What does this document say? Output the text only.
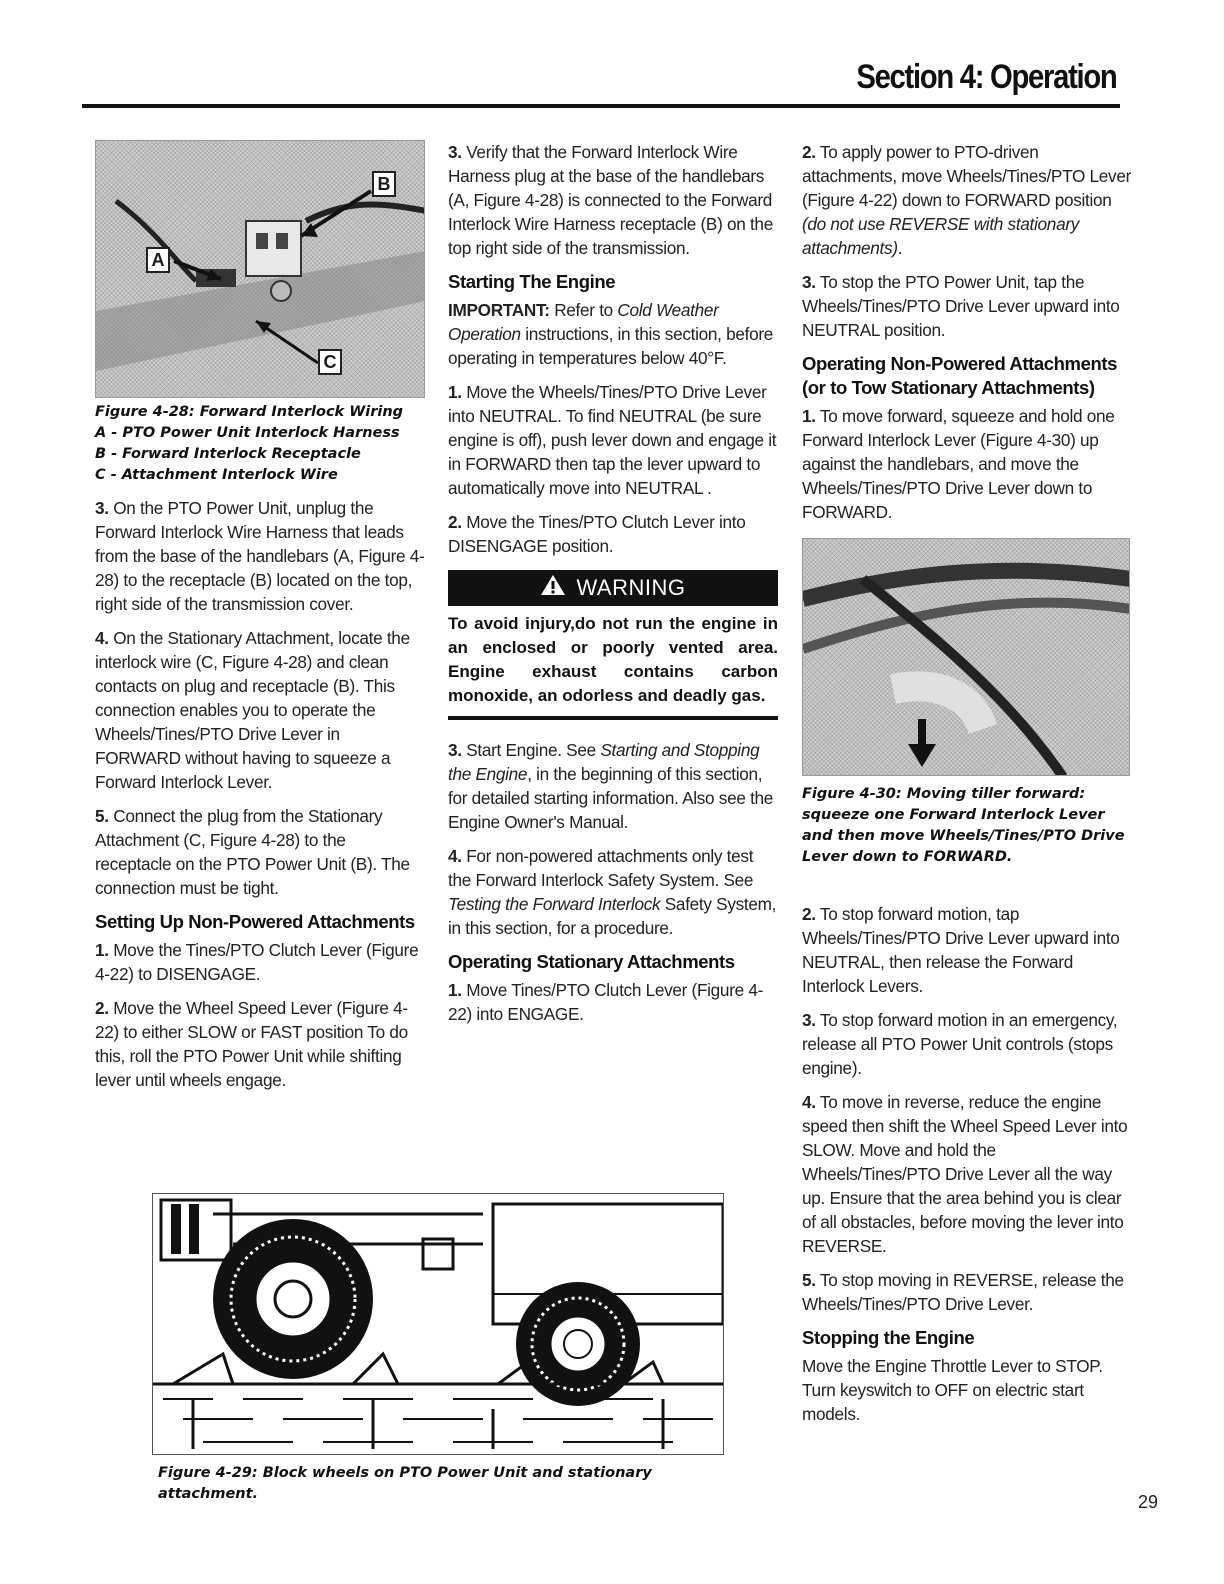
Section 4: Operation
A
B
C
Figure 4-28: Forward Interlock Wiring
A - PTO Power Unit Interlock Harness
B - Forward Interlock Receptacle
C - Attachment Interlock Wire

3. On the PTO Power Unit, unplug the Forward Interlock Wire Harness that leads from the base of the handlebars (A, Figure 4-28) to the receptacle (B) located on the top, right side of the transmission cover.

4. On the Stationary Attachment, locate the interlock wire (C, Figure 4-28) and clean contacts on plug and receptacle (B). This connection enables you to operate the Wheels/Tines/PTO Drive Lever in FORWARD without having to squeeze a Forward Interlock Lever.

5. Connect the plug from the Stationary Attachment (C, Figure 4-28) to the receptacle on the PTO Power Unit (B). The connection must be tight.

Setting Up Non-Powered Attachments

1. Move the Tines/PTO Clutch Lever (Figure 4-22) to DISENGAGE.

2. Move the Wheel Speed Lever (Figure 4-22) to either SLOW or FAST position To do this, roll the PTO Power Unit while shifting lever until wheels engage.

3. Verify that the Forward Interlock Wire Harness plug at the base of the handlebars (A, Figure 4-28) is connected to the Forward Interlock Wire Harness receptacle (B) on the top right side of the transmission.

Starting The Engine

IMPORTANT: Refer to Cold Weather Operation instructions, in this section, before operating in temperatures below 40°F.

1. Move the Wheels/Tines/PTO Drive Lever into NEUTRAL. To find NEUTRAL (be sure engine is off), push lever down and engage it in FORWARD then tap the lever upward to automatically move into NEUTRAL .

2. Move the Tines/PTO Clutch Lever into DISENGAGE position.

WARNING
To avoid injury,do not run the engine in an enclosed or poorly vented area. Engine exhaust contains carbon monoxide, an odorless and deadly gas.

3. Start Engine. See Starting and Stopping the Engine, in the beginning of this section, for detailed starting information. Also see the Engine Owner's Manual.

4. For non-powered attachments only test the Forward Interlock Safety System. See Testing the Forward Interlock Safety System, in this section, for a procedure.

Operating Stationary Attachments

1. Move Tines/PTO Clutch Lever (Figure 4-22) into ENGAGE.

2. To apply power to PTO-driven attachments, move Wheels/Tines/PTO Lever (Figure 4-22) down to FORWARD position (do not use REVERSE with stationary attachments).

3. To stop the PTO Power Unit, tap the Wheels/Tines/PTO Drive Lever upward into NEUTRAL position.

Operating Non-Powered Attachments (or to Tow Stationary Attachments)

1. To move forward, squeeze and hold one Forward Interlock Lever (Figure 4-30) up against the handlebars, and move the Wheels/Tines/PTO Drive Lever down to FORWARD.

Figure 4-30: Moving tiller forward: squeeze one Forward Interlock Lever and then move Wheels/Tines/PTO Drive Lever down to FORWARD.

2. To stop forward motion, tap Wheels/Tines/PTO Drive Lever upward into NEUTRAL, then release the Forward Interlock Levers.

3. To stop forward motion in an emergency, release all PTO Power Unit controls (stops engine).

4. To move in reverse, reduce the engine speed then shift the Wheel Speed Lever into SLOW. Move and hold the Wheels/Tines/PTO Drive Lever all the way up. Ensure that the area behind you is clear of all obstacles, before moving the lever into REVERSE.

5. To stop moving in REVERSE, release the Wheels/Tines/PTO Drive Lever.

Stopping the Engine

Move the Engine Throttle Lever to STOP. Turn keyswitch to OFF on electric start models.

Figure 4-29: Block wheels on PTO Power Unit and stationary attachment.	29
